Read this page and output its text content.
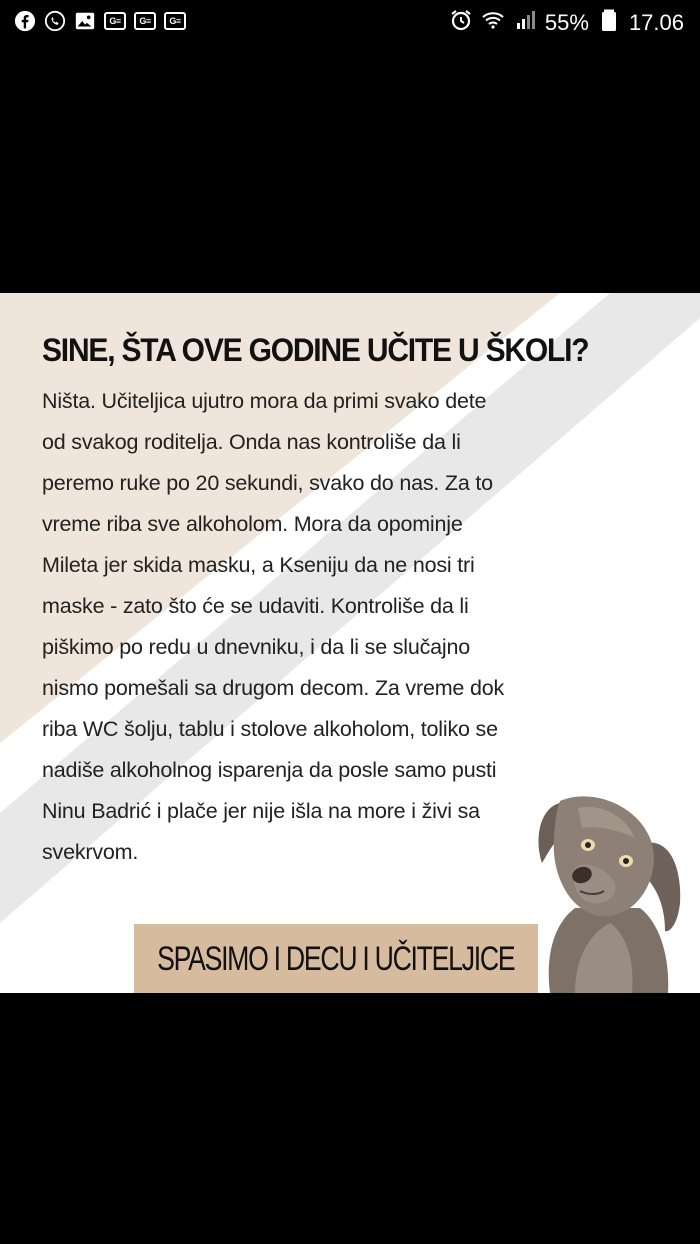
G≡	G≡	G≡	55% 17.06
SINE, ŠTA OVE GODINE UČITE U ŠKOLI?
Ništa. Učiteljica ujutro mora da primi svako dete
od svakog roditelja. Onda nas kontroliše da li
peremo ruke po 20 sekundi, svako do nas. Za to
vreme riba sve alkoholom. Mora da opominje
Mileta jer skida masku, a Kseniju da ne nosi tri
maske - zato što će se udaviti. Kontroliše da li
piškimo po redu u dnevniku, i da li se slučajno
nismo pomešali sa drugom decom. Za vreme dok
riba WC šolju, tablu i stolove alkoholom, toliko se
nadiše alkoholnog isparenja da posle samo pusti
Ninu Badrić i plače jer nije išla na more i živi sa
svekrvom.
SPASIMO I DECU I UČITELJICE
